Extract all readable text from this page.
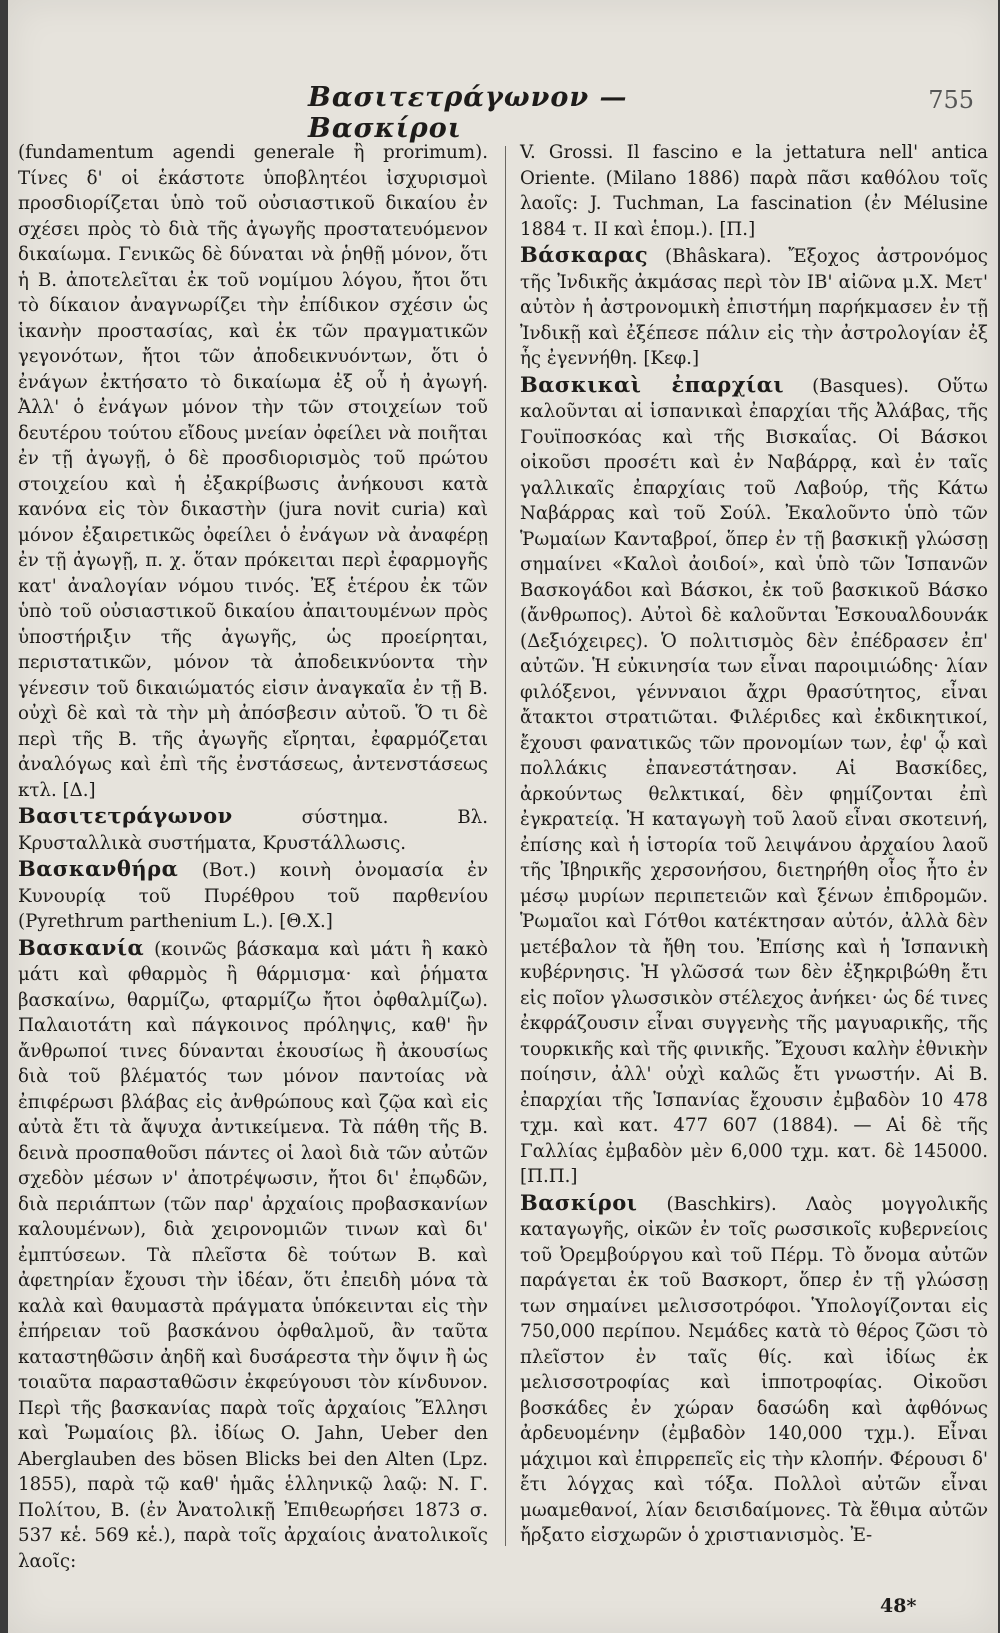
Βασιτετράγωνον — Βασκίροι
755

(fundamentum agendi generale ἢ prorimum). Τίνες δ' οἱ ἑκάστοτε ὑποβλητέοι ἰσχυρισμοὶ προσδιορίζεται ὑπὸ τοῦ οὐσιαστικοῦ δικαίου ἐν σχέσει πρὸς τὸ διὰ τῆς ἀγωγῆς προστατευόμενον δικαίωμα. Γενικῶς δὲ δύναται νὰ ῥηθῇ μόνον, ὅτι ἡ Β. ἀποτελεῖται ἐκ τοῦ νομίμου λόγου, ἤτοι ὅτι τὸ δίκαιον ἀναγνωρίζει τὴν ἐπίδικον σχέσιν ὡς ἱκανὴν προστασίας, καὶ ἐκ τῶν πραγματικῶν γεγονότων, ἤτοι τῶν ἀποδεικνυόντων, ὅτι ὁ ἐνάγων ἐκτήσατο τὸ δικαίωμα ἐξ οὗ ἡ ἀγωγή. Ἀλλ' ὁ ἐνάγων μόνον τὴν τῶν στοιχείων τοῦ δευτέρου τούτου εἴδους μνείαν ὀφείλει νὰ ποιῆται ἐν τῇ ἀγωγῇ, ὁ δὲ προσδιορισμὸς τοῦ πρώτου στοιχείου καὶ ἡ ἐξακρίβωσις ἀνήκουσι κατὰ κανόνα εἰς τὸν δικαστὴν (jura novit curia) καὶ μόνον ἐξαιρετικῶς ὀφείλει ὁ ἐνάγων νὰ ἀναφέρῃ ἐν τῇ ἀγωγῇ, π. χ. ὅταν πρόκειται περὶ ἐφαρμογῆς κατ' ἀναλογίαν νόμου τινός. Ἐξ ἑτέρου ἐκ τῶν ὑπὸ τοῦ οὐσιαστικοῦ δικαίου ἀπαιτουμένων πρὸς ὑποστήριξιν τῆς ἀγωγῆς, ὡς προείρηται, περιστατικῶν, μόνον τὰ ἀποδεικνύοντα τὴν γένεσιν τοῦ δικαιώματός εἰσιν ἀναγκαῖα ἐν τῇ Β. οὐχὶ δὲ καὶ τὰ τὴν μὴ ἀπόσβεσιν αὐτοῦ. Ὅ τι δὲ περὶ τῆς Β. τῆς ἀγωγῆς εἴρηται, ἐφαρμόζεται ἀναλόγως καὶ ἐπὶ τῆς ἐνστάσεως, ἀντενστάσεως κτλ. [Δ.]

Βασιτετράγωνον σύστημα. Βλ. Κρυσταλλικὰ συστήματα, Κρυστάλλωσις.

Βασκανθήρα (Βοτ.) κοινὴ ὀνομασία ἐν Κυνουρίᾳ τοῦ Πυρέθρου τοῦ παρθενίου (Pyrethrum parthenium L.). [Θ.Χ.]

Βασκανία (κοινῶς βάσκαμα καὶ μάτι ἢ κακὸ μάτι καὶ φθαρμὸς ἢ θάρμισμα· καὶ ῥήματα βασκαίνω, θαρμίζω, φταρμίζω ἤτοι ὀφθαλμίζω). Παλαιοτάτη καὶ πάγκοινος πρόληψις, καθ' ἣν ἄνθρωποί τινες δύνανται ἑκουσίως ἢ ἀκουσίως διὰ τοῦ βλέματός των μόνον παντοίας νὰ ἐπιφέρωσι βλάβας εἰς ἀνθρώπους καὶ ζῷα καὶ εἰς αὐτὰ ἔτι τὰ ἄψυχα ἀντικείμενα. Τὰ πάθη τῆς Β. δεινὰ προσπαθοῦσι πάντες οἱ λαοὶ διὰ τῶν αὐτῶν σχεδὸν μέσων ν' ἀποτρέψωσιν, ἤτοι δι' ἐπῳδῶν, διὰ περιάπτων (τῶν παρ' ἀρχαίοις προβασκανίων καλουμένων), διὰ χειρονομιῶν τινων καὶ δι' ἐμπτύσεων. Τὰ πλεῖστα δὲ τούτων Β. καὶ ἀφετηρίαν ἔχουσι τὴν ἰδέαν, ὅτι ἐπειδὴ μόνα τὰ καλὰ καὶ θαυμαστὰ πράγματα ὑπόκεινται εἰς τὴν ἐπήρειαν τοῦ βασκάνου ὀφθαλμοῦ, ἂν ταῦτα καταστηθῶσιν ἀηδῆ καὶ δυσάρεστα τὴν ὄψιν ἢ ὡς τοιαῦτα παρασταθῶσιν ἐκφεύγουσι τὸν κίνδυνον. Περὶ τῆς βασκανίας παρὰ τοῖς ἀρχαίοις Ἕλλησι καὶ Ῥωμαίοις βλ. ἰδίως O. Jahn, Ueber den Aberglauben des bösen Blicks bei den Alten (Lpz. 1855), παρὰ τῷ καθ' ἡμᾶς ἑλληνικῷ λαῷ: Ν. Γ. Πολίτου, Β. (ἐν Ἀνατολικῇ Ἐπιθεωρήσει 1873 σ. 537 κἑ. 569 κἑ.), παρὰ τοῖς ἀρχαίοις ἀνατολικοῖς λαοῖς:

V. Grossi. Il fascino e la jettatura nell' antica Oriente. (Milano 1886) παρὰ πᾶσι καθόλου τοῖς λαοῖς: J. Tuchman, La fascination (ἐν Mélusine 1884 τ. II καὶ ἑπομ.). [Π.]

Βάσκαρας (Bhâskara). Ἔξοχος ἀστρονόμος τῆς Ἰνδικῆς ἀκμάσας περὶ τὸν ΙΒ' αἰῶνα μ.Χ. Μετ' αὐτὸν ἡ ἀστρονομικὴ ἐπιστήμη παρήκμασεν ἐν τῇ Ἰνδικῇ καὶ ἐξέπεσε πάλιν εἰς τὴν ἀστρολογίαν ἐξ ἧς ἐγεννήθη. [Κεφ.]

Βασκικαὶ ἐπαρχίαι (Basques). Οὕτω καλοῦνται αἱ ἱσπανικαὶ ἐπαρχίαι τῆς Ἀλάβας, τῆς Γουϊποσκόας καὶ τῆς Βισκαΐας. Οἱ Βάσκοι οἰκοῦσι προσέτι καὶ ἐν Ναβάρρᾳ, καὶ ἐν ταῖς γαλλικαῖς ἐπαρχίαις τοῦ Λαβούρ, τῆς Κάτω Ναβάρρας καὶ τοῦ Σούλ. Ἐκαλοῦντο ὑπὸ τῶν Ῥωμαίων Κανταβροί, ὅπερ ἐν τῇ βασκικῇ γλώσσῃ σημαίνει «Καλοὶ ἀοιδοί», καὶ ὑπὸ τῶν Ἱσπανῶν Βασκογάδοι καὶ Βάσκοι, ἐκ τοῦ βασκικοῦ Βάσκο (ἄνθρωπος). Αὐτοὶ δὲ καλοῦνται Ἐσκουαλδουνάκ (Δεξιόχειρες). Ὁ πολιτισμὸς δὲν ἐπέδρασεν ἐπ' αὐτῶν. Ἡ εὐκινησία των εἶναι παροιμιώδης· λίαν φιλόξενοι, γέννναιοι ἄχρι θρασύτητος, εἶναι ἄτακτοι στρατιῶται. Φιλέριδες καὶ ἐκδικητικοί, ἔχουσι φανατικῶς τῶν προνομίων των, ἐφ' ᾧ καὶ πολλάκις ἐπανεστάτησαν. Αἱ Βασκίδες, ἀρκούντως θελκτικαί, δὲν φημίζονται ἐπὶ ἐγκρατείᾳ. Ἡ καταγωγὴ τοῦ λαοῦ εἶναι σκοτεινή, ἐπίσης καὶ ἡ ἱστορία τοῦ λειψάνου ἀρχαίου λαοῦ τῆς Ἰβηρικῆς χερσονήσου, διετηρήθη οἷος ἦτο ἐν μέσῳ μυρίων περιπετειῶν καὶ ξένων ἐπιδρομῶν. Ῥωμαῖοι καὶ Γότθοι κατέκτησαν αὐτόν, ἀλλὰ δὲν μετέβαλον τὰ ἤθη του. Ἐπίσης καὶ ἡ Ἱσπανικὴ κυβέρνησις. Ἡ γλῶσσά των δὲν ἐξηκριβώθη ἔτι εἰς ποῖον γλωσσικὸν στέλεχος ἀνήκει· ὡς δέ τινες ἐκφράζουσιν εἶναι συγγενὴς τῆς μαγυαρικῆς, τῆς τουρκικῆς καὶ τῆς φινικῆς. Ἔχουσι καλὴν ἐθνικὴν ποίησιν, ἀλλ' οὐχὶ καλῶς ἔτι γνωστήν. Αἱ Β. ἐπαρχίαι τῆς Ἱσπανίας ἔχουσιν ἐμβαδὸν 10 478 τχμ. καὶ κατ. 477 607 (1884). — Αἱ δὲ τῆς Γαλλίας ἐμβαδὸν μὲν 6,000 τχμ. κατ. δὲ 145000. [Π.Π.]

Βασκίροι (Baschkirs). Λαὸς μογγολικῆς καταγωγῆς, οἰκῶν ἐν τοῖς ρωσσικοῖς κυβερνείοις τοῦ Ὀρεμβούργου καὶ τοῦ Πέρμ. Τὸ ὄνομα αὐτῶν παράγεται ἐκ τοῦ Βασκορτ, ὅπερ ἐν τῇ γλώσσῃ των σημαίνει μελισσοτρόφοι. Ὑπολογίζονται εἰς 750,000 περίπου. Νεμάδες κατὰ τὸ θέρος ζῶσι τὸ πλεῖστον ἐν ταῖς θίς. καὶ ἰδίως ἐκ μελισσοτροφίας καὶ ἱπποτροφίας. Οἰκοῦσι βοσκάδες ἐν χώραν δασώδη καὶ ἀφθόνως ἀρδευομένην (ἐμβαδὸν 140,000 τχμ.). Εἶναι μάχιμοι καὶ ἐπιρρεπεῖς εἰς τὴν κλοπήν. Φέρουσι δ' ἔτι λόγχας καὶ τόξα. Πολλοὶ αὐτῶν εἶναι μωαμεθανοί, λίαν δεισιδαίμονες. Τὰ ἔθιμα αὐτῶν ἤρξατο εἰσχωρῶν ὁ χριστιανισμὸς. Ἐ-

48*
